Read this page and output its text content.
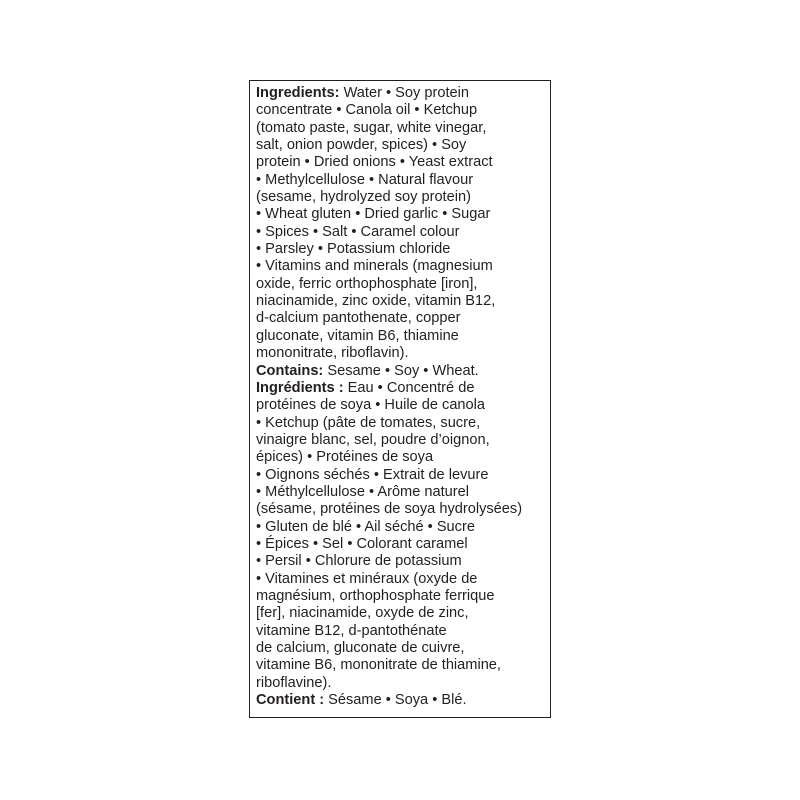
Ingredients: Water • Soy protein
concentrate • Canola oil • Ketchup
(tomato paste, sugar, white vinegar,
salt, onion powder, spices) • Soy
protein • Dried onions • Yeast extract
• Methylcellulose • Natural flavour
(sesame, hydrolyzed soy protein)
• Wheat gluten • Dried garlic • Sugar
• Spices • Salt • Caramel colour
• Parsley • Potassium chloride
• Vitamins and minerals (magnesium
oxide, ferric orthophosphate [iron],
niacinamide, zinc oxide, vitamin B12,
d-calcium pantothenate, copper
gluconate, vitamin B6, thiamine
mononitrate, riboflavin).
Contains: Sesame • Soy • Wheat.
Ingrédients : Eau • Concentré de
protéines de soya • Huile de canola
• Ketchup (pâte de tomates, sucre,
vinaigre blanc, sel, poudre d’oignon,
épices) • Protéines de soya
• Oignons séchés • Extrait de levure
• Méthylcellulose • Arôme naturel
(sésame, protéines de soya hydrolysées)
• Gluten de blé • Ail séché • Sucre
• Épices • Sel • Colorant caramel
• Persil • Chlorure de potassium
• Vitamines et minéraux (oxyde de
magnésium, orthophosphate ferrique
[fer], niacinamide, oxyde de zinc,
vitamine B12, d-pantothénate
de calcium, gluconate de cuivre,
vitamine B6, mononitrate de thiamine,
riboflavine).
Contient : Sésame • Soya • Blé.
